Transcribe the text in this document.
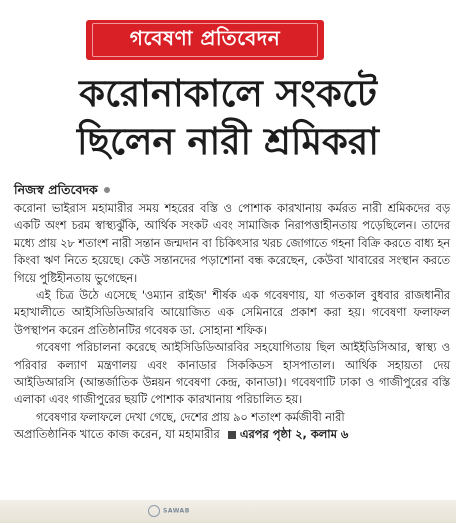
গবেষণা প্রতিবেদন
করোনাকালে সংকটে
ছিলেন নারী শ্রমিকরা
নিজস্ব প্রতিবেদক

করোনা ভাইরাস মহামারীর সময় শহরের বস্তি ও পোশাক কারখানায় কর্মরত নারী শ্রমিকদের বড় একটি অংশ চরম স্বাস্থ্যঝুঁকি, আর্থিক সংকট এবং সামাজিক নিরাপত্তাহীনতায় পড়েছিলেন। তাদের মধ্যে প্রায় ২৮ শতাংশ নারী সন্তান জন্মদান বা চিকিৎসার খরচ জোগাতে গহনা বিক্রি করতে বাধ্য হন কিংবা ঋণ নিতে হয়েছে। কেউ সন্তানদের পড়াশোনা বন্ধ করেছেন, কেউবা খাবারের সংস্থান করতে গিয়ে পুষ্টিহীনতায় ভুগেছেন।

এই চিত্র উঠে এসেছে 'ওম্যান রাইজ' শীর্ষক এক গবেষণায়, যা গতকাল বুধবার রাজধানীর মহাখালীতে আইসিডিডিআরবি আয়োজিত এক সেমিনারে প্রকাশ করা হয়। গবেষণা ফলাফল উপস্থাপন করেন প্রতিষ্ঠানটির গবেষক ডা. সোহানা শফিক।

গবেষণা পরিচালনা করেছে আইসিডিডিআরবির সহযোগিতায় ছিল আইইডিসিআর, স্বাস্থ্য ও পরিবার কল্যাণ মন্ত্রণালয় এবং কানাডার সিককিডস হাসপাতাল। আর্থিক সহায়তা দেয় আইডিআরসি (আন্তর্জাতিক উন্নয়ন গবেষণা কেন্দ্র, কানাডা)। গবেষণাটি ঢাকা ও গাজীপুরের বস্তি এলাকা এবং গাজীপুরের ছয়টি পোশাক কারখানায় পরিচালিত হয়।

গবেষণার ফলাফলে দেখা গেছে, দেশের প্রায় ৯০ শতাংশ কর্মজীবী নারী

অপ্রাতিষ্ঠানিক খাতে কাজ করেন, যা মহামারীর এরপর পৃষ্ঠা ২, কলাম ৬
SAWAB
